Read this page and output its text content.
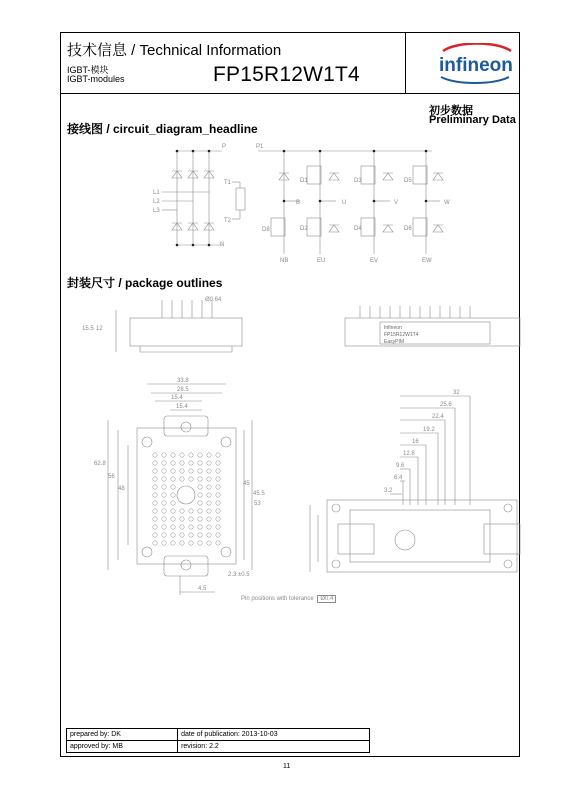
技术信息 / Technical Information
IGBT-模块
IGBT-modules	FP15R12W1T4	infineon
初步数据
Preliminary Data
接线图 / circuit_diagram_headline
封装尺寸 / package outlines
P	P1
L1
L2
L3
T1
T2
N
NB	EU	EV	EW
B	U	V	W
D8
D1
D2
D3
D4
D5
D6
Infineon
FP15R12W1T4
EasyPIM
33.8
28.5
15.4
15.4
32
25.6
22.4
19.2
16
12.8
9.6
6.4
3.2
4.5
2.3 ±0.5
62.8
56
48
45
45.5
53
15.5 12
Ø0.64
Pin positions with tolerance Ø0.4
prepared by: DK	date of publication: 2013-10-03
approved by: MB	revision: 2.2
11
